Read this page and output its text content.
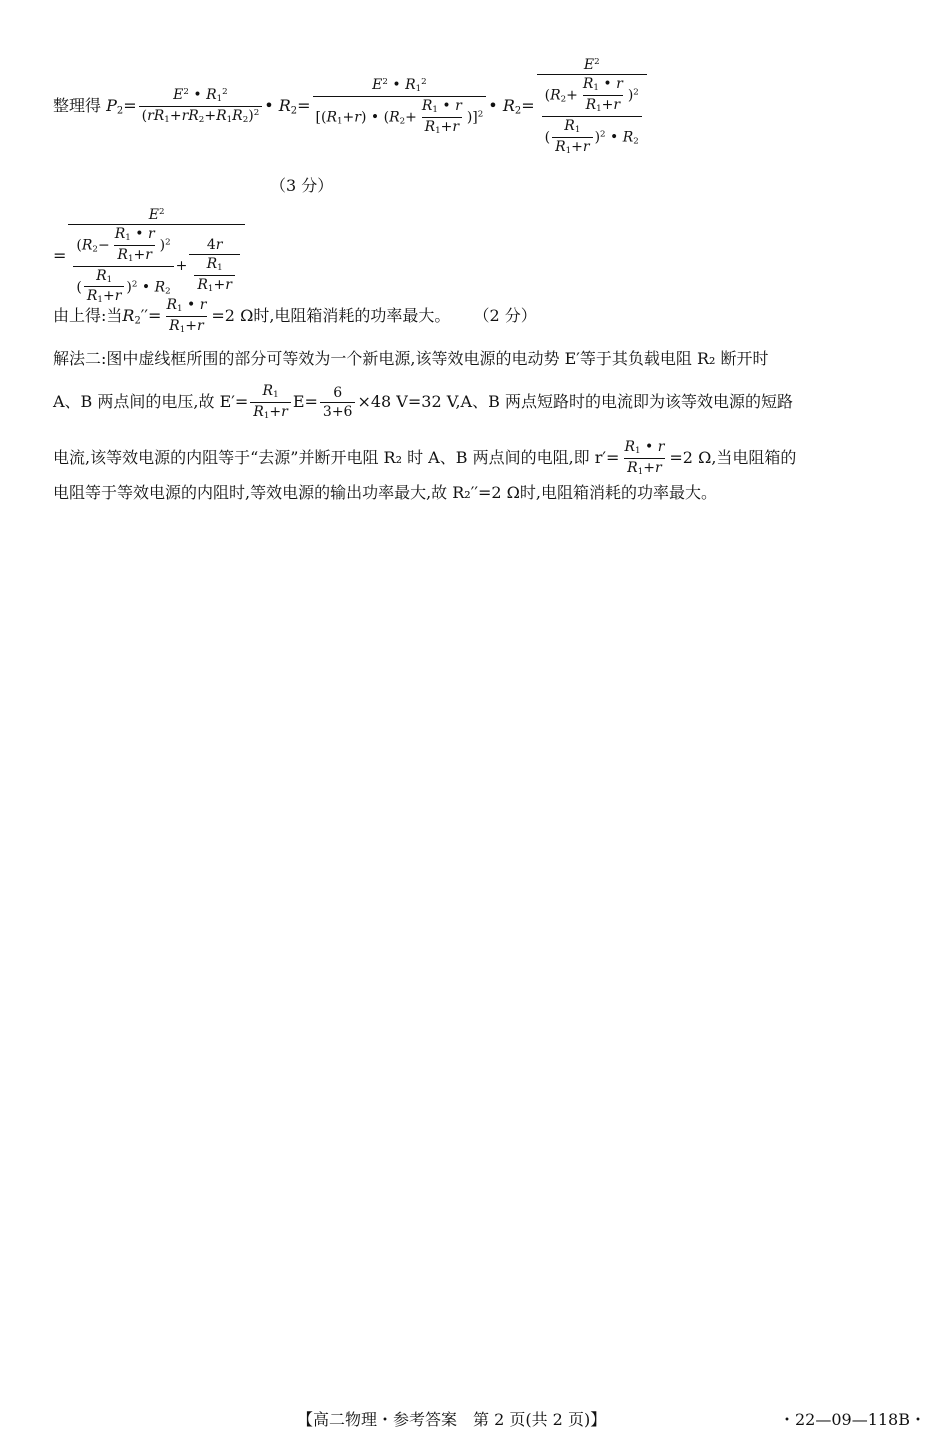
整理得 $P_2= \frac{E^2 • R_1^2}{(rR_1+rR_2+R_1R_2)^2}$ • $R_2= \frac{E^2 • R_1^2}{[(R_1+r) • (R_2+ \frac{R_1 • r}{R_1+r} )]^2}$ • $R_2= \frac{E^2}{\frac{(R_2+ \frac{R_1 • r}{R_1+r} )^2}{( \frac{R_1}{R_1+r} )^2 • R_2}}$
= $\frac{E^2}{\frac{(R_2- \frac{R_1 • r}{R_1+r} )^2}{( \frac{R_1}{R_1+r} )^2 • R_2} + \frac{4r}{\frac{R_1}{R_1+r}}}$
（3 分）
由上得:当$R_2''= \frac{R_1 • r}{R_1+r} =2$ Ω时,电阻箱消耗的功率最大。 （2 分）
解法二:图中虚线框所围的部分可等效为一个新电源,该等效电源的电动势 E′等于其负载电阻 R₂ 断开时
A、B 两点间的电压,故 $E'= \frac{R_1}{R_1+r} E= \frac{6}{3+6} \times 48$ V=32 V,A、B 两点短路时的电流即为该等效电源的短路
电流,该等效电源的内阻等于“去源”并断开电阻 R₂ 时 A、B 两点间的电阻,即 $r'= \frac{R_1 • r}{R_1+r} =2$ Ω,当电阻箱的
电阻等于等效电源的内阻时,等效电源的输出功率最大,故 R₂′′=2 Ω时,电阻箱消耗的功率最大。
【高二物理・参考答案　第 2 页(共 2 页)】	・22—09—118B・
